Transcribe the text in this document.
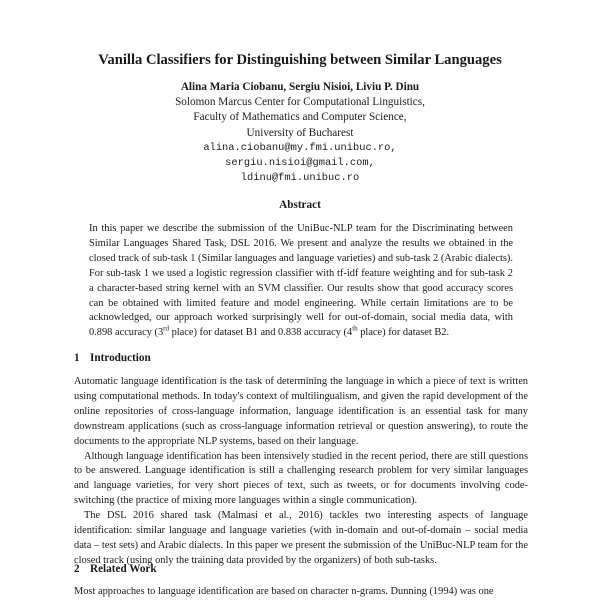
Vanilla Classifiers for Distinguishing between Similar Languages
Alina Maria Ciobanu, Sergiu Nisioi, Liviu P. Dinu
Solomon Marcus Center for Computational Linguistics,
Faculty of Mathematics and Computer Science,
University of Bucharest
alina.ciobanu@my.fmi.unibuc.ro,
sergiu.nisioi@gmail.com,
ldinu@fmi.unibuc.ro
Abstract

In this paper we describe the submission of the UniBuc-NLP team for the Discriminating between Similar Languages Shared Task, DSL 2016. We present and analyze the results we obtained in the closed track of sub-task 1 (Similar languages and language varieties) and sub-task 2 (Arabic dialects). For sub-task 1 we used a logistic regression classifier with tf-idf feature weighting and for sub-task 2 a character-based string kernel with an SVM classifier. Our results show that good accuracy scores can be obtained with limited feature and model engineering. While certain limitations are to be acknowledged, our approach worked surprisingly well for out-of-domain, social media data, with 0.898 accuracy (3rd place) for dataset B1 and 0.838 accuracy (4th place) for dataset B2.

1 Introduction

Automatic language identification is the task of determining the language in which a piece of text is written using computational methods. In today's context of multilingualism, and given the rapid development of the online repositories of cross-language information, language identification is an essential task for many downstream applications (such as cross-language information retrieval or question answering), to route the documents to the appropriate NLP systems, based on their language.

Although language identification has been intensively studied in the recent period, there are still questions to be answered. Language identification is still a challenging research problem for very similar languages and language varieties, for very short pieces of text, such as tweets, or for documents involving code-switching (the practice of mixing more languages within a single communication).

The DSL 2016 shared task (Malmasi et al., 2016) tackles two interesting aspects of language identification: similar language and language varieties (with in-domain and out-of-domain – social media data – test sets) and Arabic dialects. In this paper we present the submission of the UniBuc-NLP team for the closed track (using only the training data provided by the organizers) of both sub-tasks.

2 Related Work

Most approaches to language identification are based on character n-grams. Dunning (1994) was one
